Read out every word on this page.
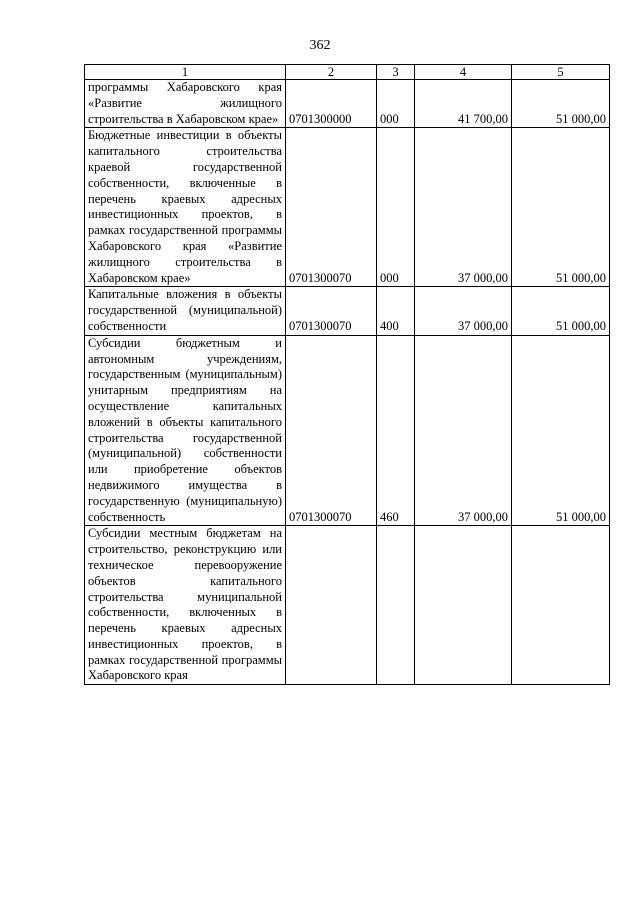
362
1	2	3	4	5
программы Хабаровского края «Развитие жилищного строительства в Хабаровском крае»	0701300000	000	41 700,00	51 000,00
Бюджетные инвестиции в объекты капитального строительства краевой государственной собственности, включенные в перечень краевых адресных инвестиционных проектов, в рамках государственной программы Хабаровского края «Развитие жилищного строительства в Хабаровском крае»	0701300070	000	37 000,00	51 000,00
Капитальные вложения в объекты государственной (муниципальной) собственности	0701300070	400	37 000,00	51 000,00
Субсидии бюджетным и автономным учреждениям, государственным (муниципальным) унитарным предприятиям на осуществление капитальных вложений в объекты капитального строительства государственной (муниципальной) собственности или приобретение объектов недвижимого имущества в государственную (муниципальную) собственность	0701300070	460	37 000,00	51 000,00
Субсидии местным бюджетам на строительство, реконструкцию или техническое перевооружение объектов капитального строительства муниципальной собственности, включенных в перечень краевых адресных инвестиционных проектов, в рамках государственной программы Хабаровского края				
